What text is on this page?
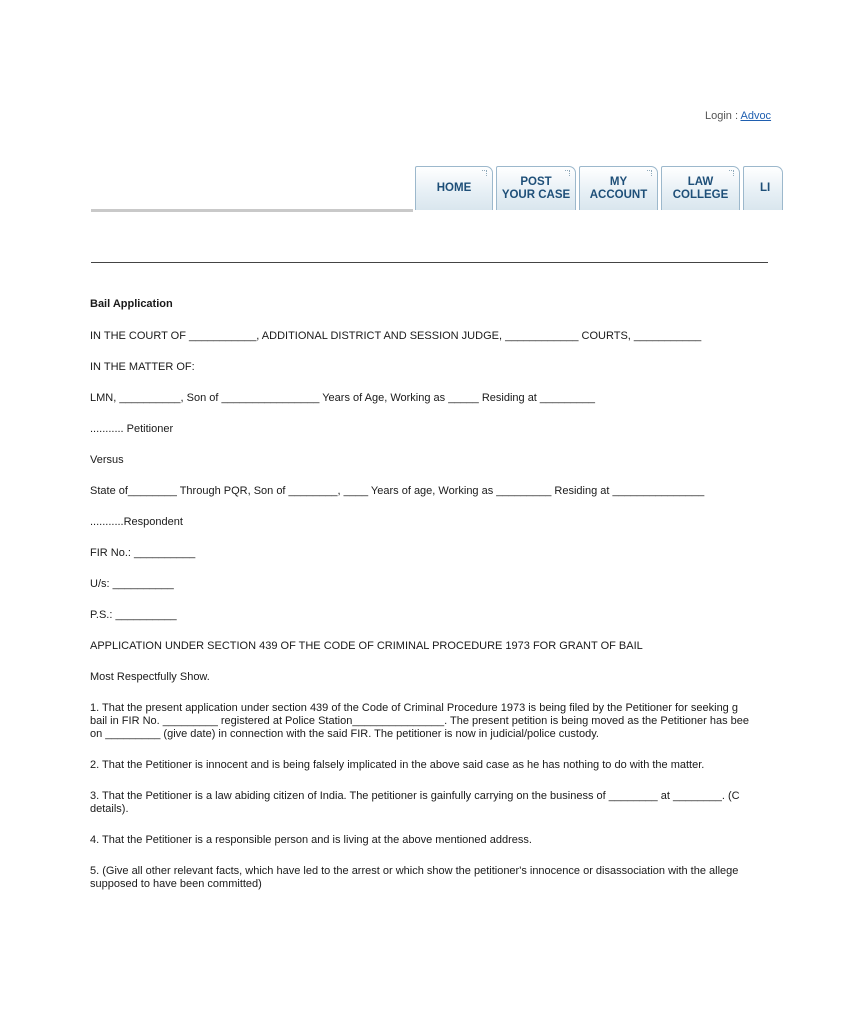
Login : Advoc
HOME
POST
YOUR CASE
MY
ACCOUNT
LAW
COLLEGE
LI

Bail Application

IN THE COURT OF ___________, ADDITIONAL DISTRICT AND SESSION JUDGE, ____________ COURTS, ___________

IN THE MATTER OF:

LMN, __________, Son of ________________ Years of Age, Working as _____ Residing at _________

........... Petitioner

Versus

State of________ Through PQR, Son of ________, ____ Years of age, Working as _________ Residing at _______________

...........Respondent

FIR No.: __________

U/s: __________

P.S.: __________

APPLICATION UNDER SECTION 439 OF THE CODE OF CRIMINAL PROCEDURE 1973 FOR GRANT OF BAIL

Most Respectfully Show.

1. That the present application under section 439 of the Code of Criminal Procedure 1973 is being filed by the Petitioner for seeking g
bail in FIR No. _________ registered at Police Station_______________. The present petition is being moved as the Petitioner has bee
on _________ (give date) in connection with the said FIR. The petitioner is now in judicial/police custody.

2. That the Petitioner is innocent and is being falsely implicated in the above said case as he has nothing to do with the matter.

3. That the Petitioner is a law abiding citizen of India. The petitioner is gainfully carrying on the business of ________ at ________. (C
details).

4. That the Petitioner is a responsible person and is living at the above mentioned address.

5. (Give all other relevant facts, which have led to the arrest or which show the petitioner's innocence or disassociation with the allege
supposed to have been committed)
